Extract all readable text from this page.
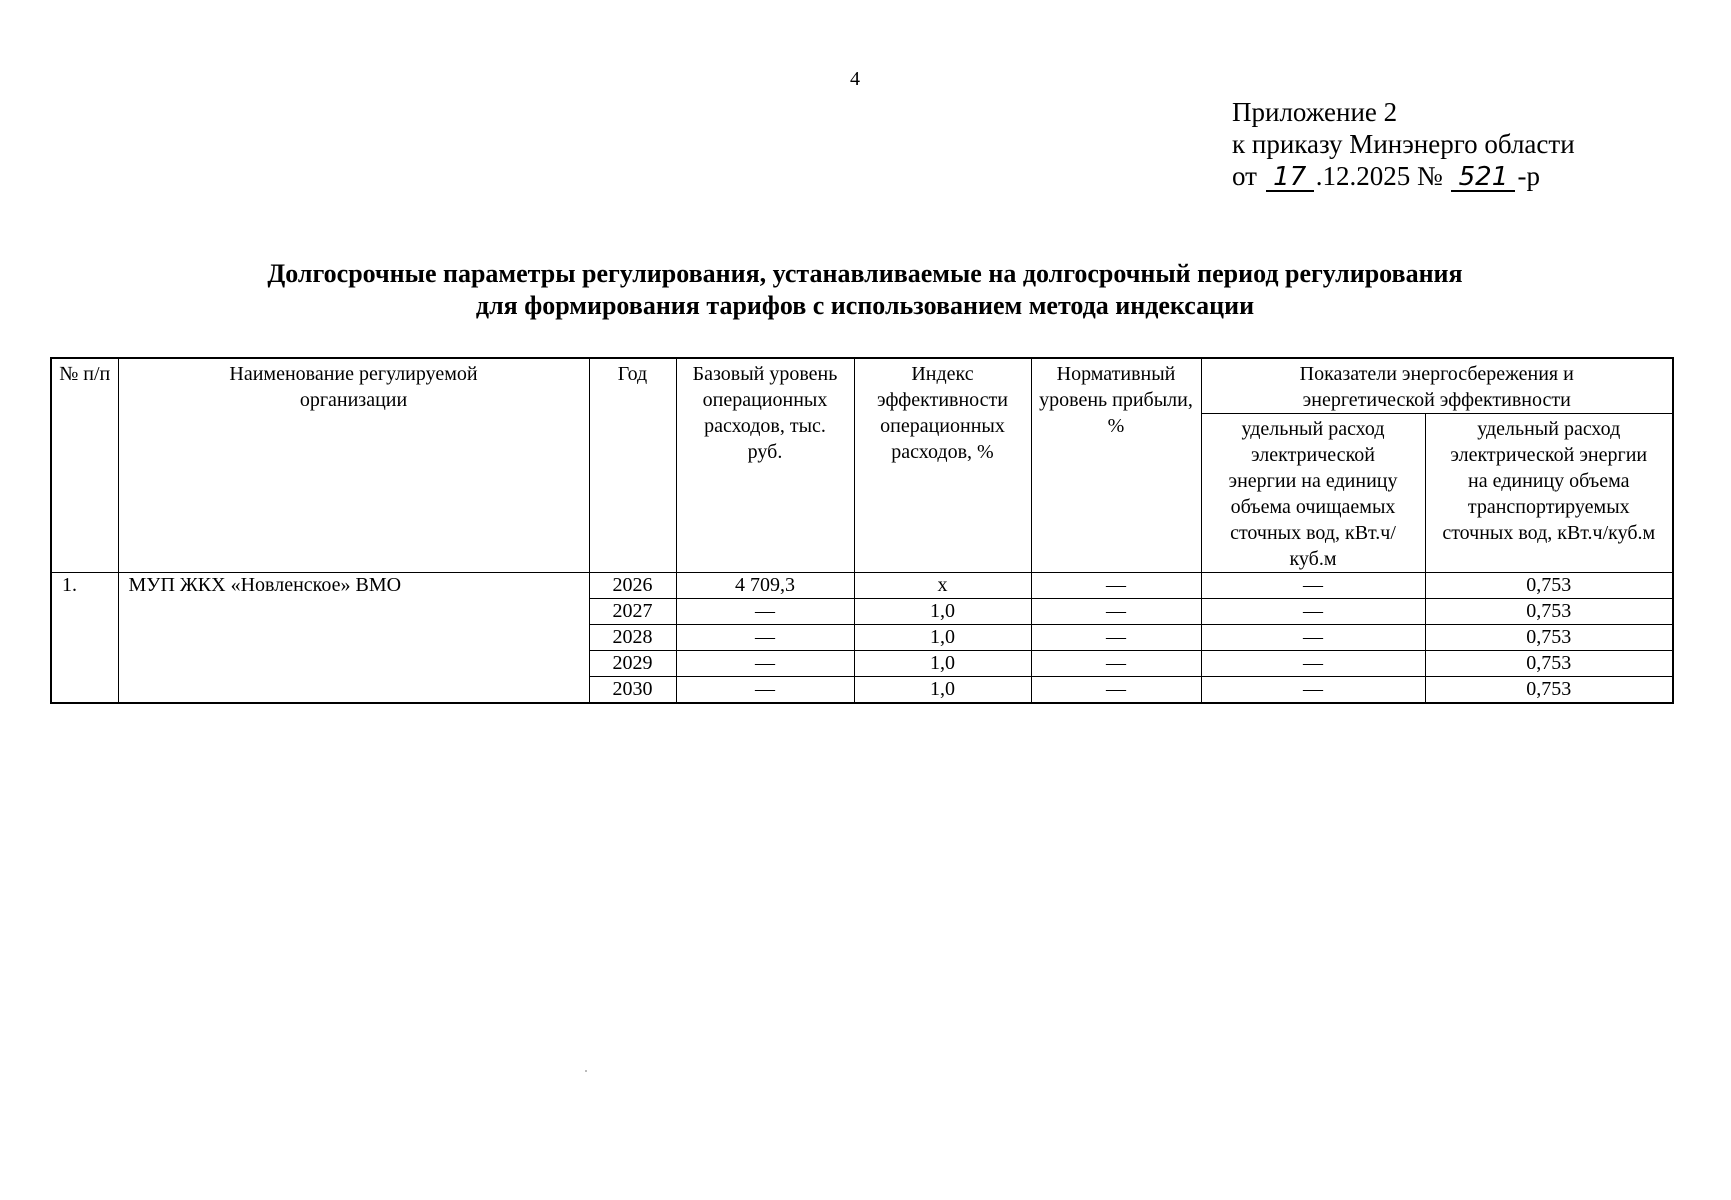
4
Приложение 2
к приказу Минэнерго области
от 17 .12.2025 № 521 -р
Долгосрочные параметры регулирования, устанавливаемые на долгосрочный период регулирования
для формирования тарифов с использованием метода индексации
№ п/п	Наименование регулируемой организации	Год	Базовый уровень операционных расходов, тыс. руб.	Индекс эффективности операционных расходов, %	Нормативный уровень прибыли, %	Показатели энергосбережения и энергетической эффективности	
						удельный расход электрической энергии на единицу объема очищаемых сточных вод, кВт.ч/куб.м	удельный расход электрической энергии на единицу объема транспортируемых сточных вод, кВт.ч/куб.м
1.	МУП ЖКХ «Новленское» ВМО	2026	4 709,3	х	—	—	0,753
		2027	—	1,0	—	—	0,753
		2028	—	1,0	—	—	0,753
		2029	—	1,0	—	—	0,753
		2030	—	1,0	—	—	0,753
